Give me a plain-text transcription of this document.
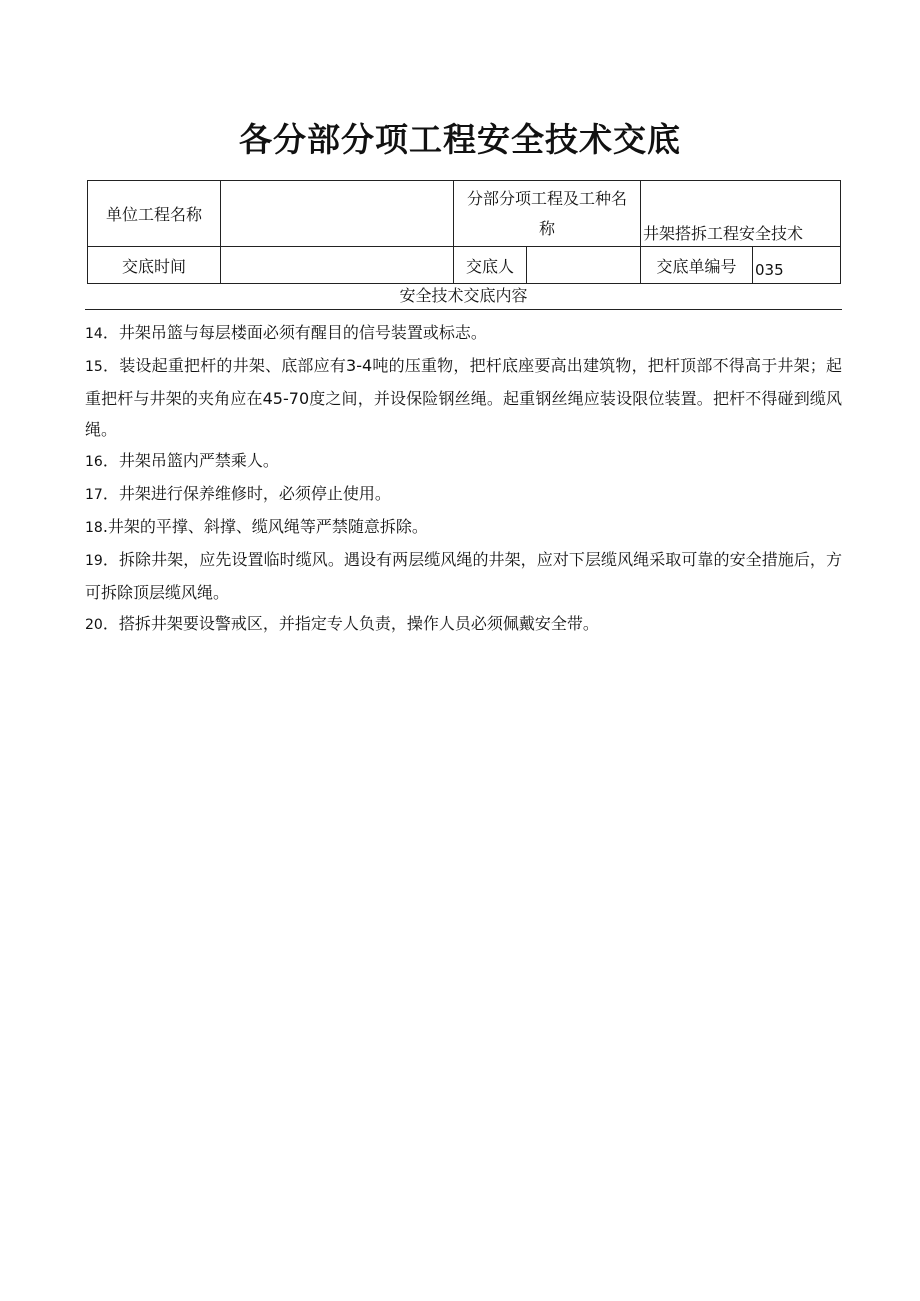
各分部分项工程安全技术交底
单位工程名称		分部分项工程及工种名
称		井架搭拆工程安全技术	
交底时间		交底人		交底单编号	035
安全技术交底内容

14．井架吊篮与每层楼面必须有醒目的信号装置或标志。

15．装设起重把杆的井架、底部应有3-4吨的压重物，把杆底座要高出建筑物，把杆顶部不得高于井架；起重把杆与井架的夹角应在45-70度之间，并设保险钢丝绳。起重钢丝绳应装设限位装置。把杆不得碰到缆风绳。

16．井架吊篮内严禁乘人。

17．井架进行保养维修时，必须停止使用。

18.井架的平撑、斜撑、缆风绳等严禁随意拆除。

19．拆除井架，应先设置临时缆风。遇设有两层缆风绳的井架，应对下层缆风绳采取可靠的安全措施后，方可拆除顶层缆风绳。

20．搭拆井架要设警戒区，并指定专人负责，操作人员必须佩戴安全带。
